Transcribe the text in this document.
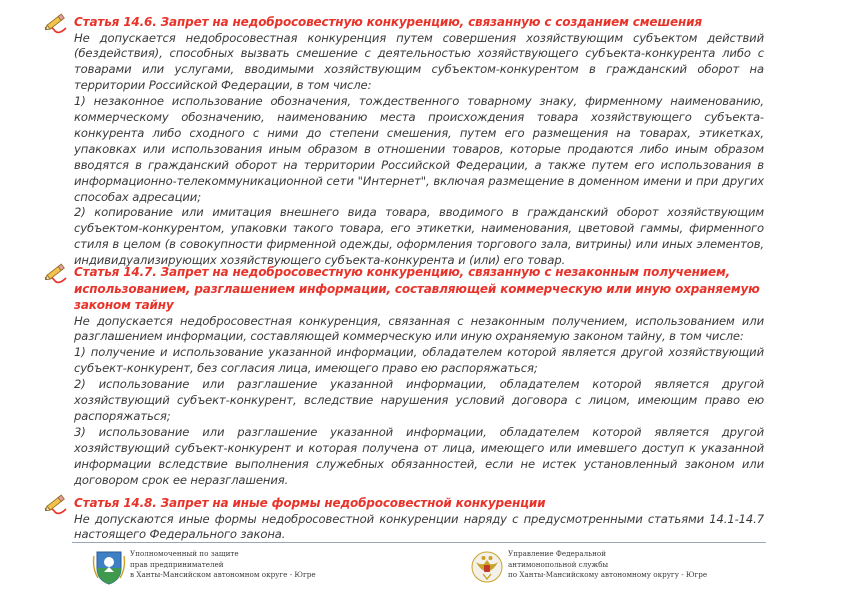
Статья 14.6. Запрет на недобросовестную конкуренцию, связанную с созданием смешения

Не допускается недобросовестная конкуренция путем совершения хозяйствующим субъектом действий (бездействия), способных вызвать смешение с деятельностью хозяйствующего субъекта-конкурента либо с товарами или услугами, вводимыми хозяйствующим субъектом-конкурентом в гражданский оборот на территории Российской Федерации, в том числе:

1) незаконное использование обозначения, тождественного товарному знаку, фирменному наименованию, коммерческому обозначению, наименованию места происхождения товара хозяйствующего субъекта-конкурента либо сходного с ними до степени смешения, путем его размещения на товарах, этикетках, упаковках или использования иным образом в отношении товаров, которые продаются либо иным образом вводятся в гражданский оборот на территории Российской Федерации, а также путем его использования в информационно-телекоммуникационной сети "Интернет", включая размещение в доменном имени и при других способах адресации;

2) копирование или имитация внешнего вида товара, вводимого в гражданский оборот хозяйствующим субъектом-конкурентом, упаковки такого товара, его этикетки, наименования, цветовой гаммы, фирменного стиля в целом (в совокупности фирменной одежды, оформления торгового зала, витрины) или иных элементов, индивидуализирующих хозяйствующего субъекта-конкурента и (или) его товар.

Статья 14.7. Запрет на недобросовестную конкуренцию, связанную с незаконным получением, использованием, разглашением информации, составляющей коммерческую или иную охраняемую законом тайну

Не допускается недобросовестная конкуренция, связанная с незаконным получением, использованием или разглашением информации, составляющей коммерческую или иную охраняемую законом тайну, в том числе:

1) получение и использование указанной информации, обладателем которой является другой хозяйствующий субъект-конкурент, без согласия лица, имеющего право ею распоряжаться;

2) использование или разглашение указанной информации, обладателем которой является другой хозяйствующий субъект-конкурент, вследствие нарушения условий договора с лицом, имеющим право ею распоряжаться;

3) использование или разглашение указанной информации, обладателем которой является другой хозяйствующий субъект-конкурент и которая получена от лица, имеющего или имевшего доступ к указанной информации вследствие выполнения служебных обязанностей, если не истек установленный законом или договором срок ее неразглашения.

Статья 14.8. Запрет на иные формы недобросовестной конкуренции

Не допускаются иные формы недобросовестной конкуренции наряду с предусмотренными статьями 14.1-14.7 настоящего Федерального закона.

Уполномоченный по защите
прав предпринимателей
в Ханты-Мансийском автономном округе - Югре
Управление Федеральной
антимонопольной службы
по Ханты-Мансийскому автономному округу - Югре
